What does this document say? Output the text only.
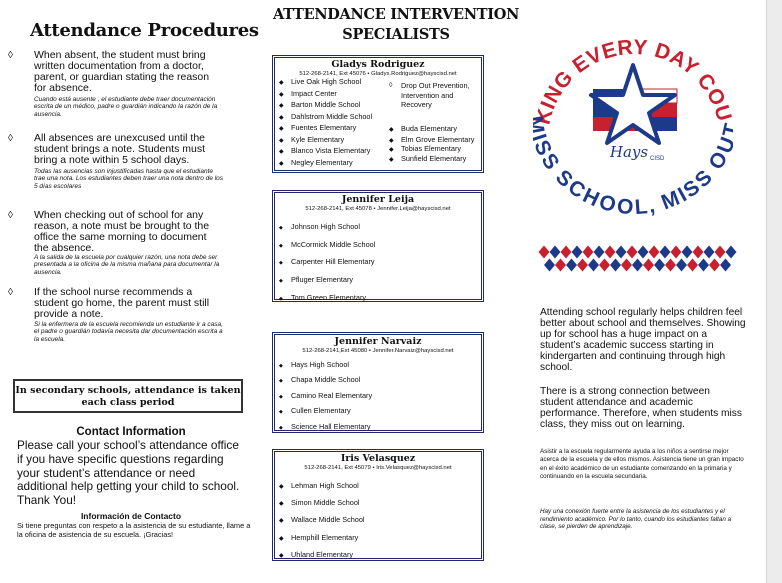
Attendance Procedures
◊ When absent, the student must bring written documentation from a doctor, parent, or guardian stating the reason for absence.
Cuando está ausente , el estudiante debe traer documentación escrita de un médico, padre o guardián indicando la razón de la ausencia.
◊ All absences are unexcused until the student brings a note. Students must bring a note within 5 school days.
Todas las ausencias son injustificadas hasta que el estudiante trae una nota. Los estudiantes deben traer una nota dentro de los 5 días escolares
◊ When checking out of school for any reason, a note must be brought to the office the same morning to document the absence.
A la salida de la escuela por cualquier razón, una nota debe ser presentada a la oficina de la misma mañana para documentar la ausencia.
◊ If the school nurse recommends a student go home, the parent must still provide a note.
Si la enfermera de la escuela recomienda un estudiante ir a casa, el padre o guardián todavía necesita dar documentación escrita a la escuela.
In secondary schools, attendance is taken each class period
Contact Information
Please call your school’s attendance office if you have specific questions regarding your student’s attendance or need additional help getting your child to school. Thank You!
Información de Contacto
Si tiene preguntas con respeto a la asistencia de su estudiante, llame a la oficina de asistencia de su escuela. ¡Gracias!
ATTENDANCE INTERVENTION
SPECIALISTS
Gladys Rodriguez
512-268-2141, Ext 45076 • Gladys.Rodriguez@hayscisd.net
◆ Live Oak High School
◆ Impact Center
◆ Barton Middle School
◆ Dahlstrom Middle School
◆ Fuentes Elementary
◆ Kyle Elementary
◆ Blanco Vista Elementary
◆ Negley Elementary
◊	Drop Out Prevention, Intervention and Recovery
◆ Buda Elementary
◆ Elm Grove Elementary
◆ Tobias Elementary
◆ Sunfield Elementary
Jennifer Leija
512-268-2141, Ext 45078 • Jennifer.Leija@hayscisd.net
◆ Johnson High School
◆ McCormick Middle School
◆ Carpenter Hill Elementary
◆ Pfluger Elementary
◆ Tom Green Elementary
Jennifer Narvaiz
512-268-2141,Ext 45080 • Jennifer.Narvaiz@hayscisd.net
◆ Hays High School
◆ Chapa Middle School
◆ Camino Real Elementary
◆ Cullen Elementary
◆ Science Hall Elementary
Iris Velasquez
512-268-2141, Ext 45079 • Iris.Velasquez@hayscisd.net
◆ Lehman High School
◆ Simon Middle School
◆ Wallace Middle School
◆ Hemphill Elementary
◆ Uhland Elementary
KING EVERY DAY CO
S SCHOOL, MISS O
Hays CISD
Attending school regularly helps children feel better about school and themselves. Showing up for school has a huge impact on a student’s academic success starting in kindergarten and continuing through high school.
There is a strong connection between student attendance and academic performance. Therefore, when students miss class, they miss out on learning.
Asistir a la escuela regularmente ayuda a los niños a sentirse mejor acerca de la escuela y de ellos mismos. Asistencia tiene un gran impacto en el éxito académico de un estudiante comenzando en la primaria y continuando en la escuela secundaria.
Hay una conexión fuerte entre la asistencia de los estudiantes y el rendimiento académico. Por lo tanto, cuando los estudiantes faltan a clase, se pierden de aprendizaje.
